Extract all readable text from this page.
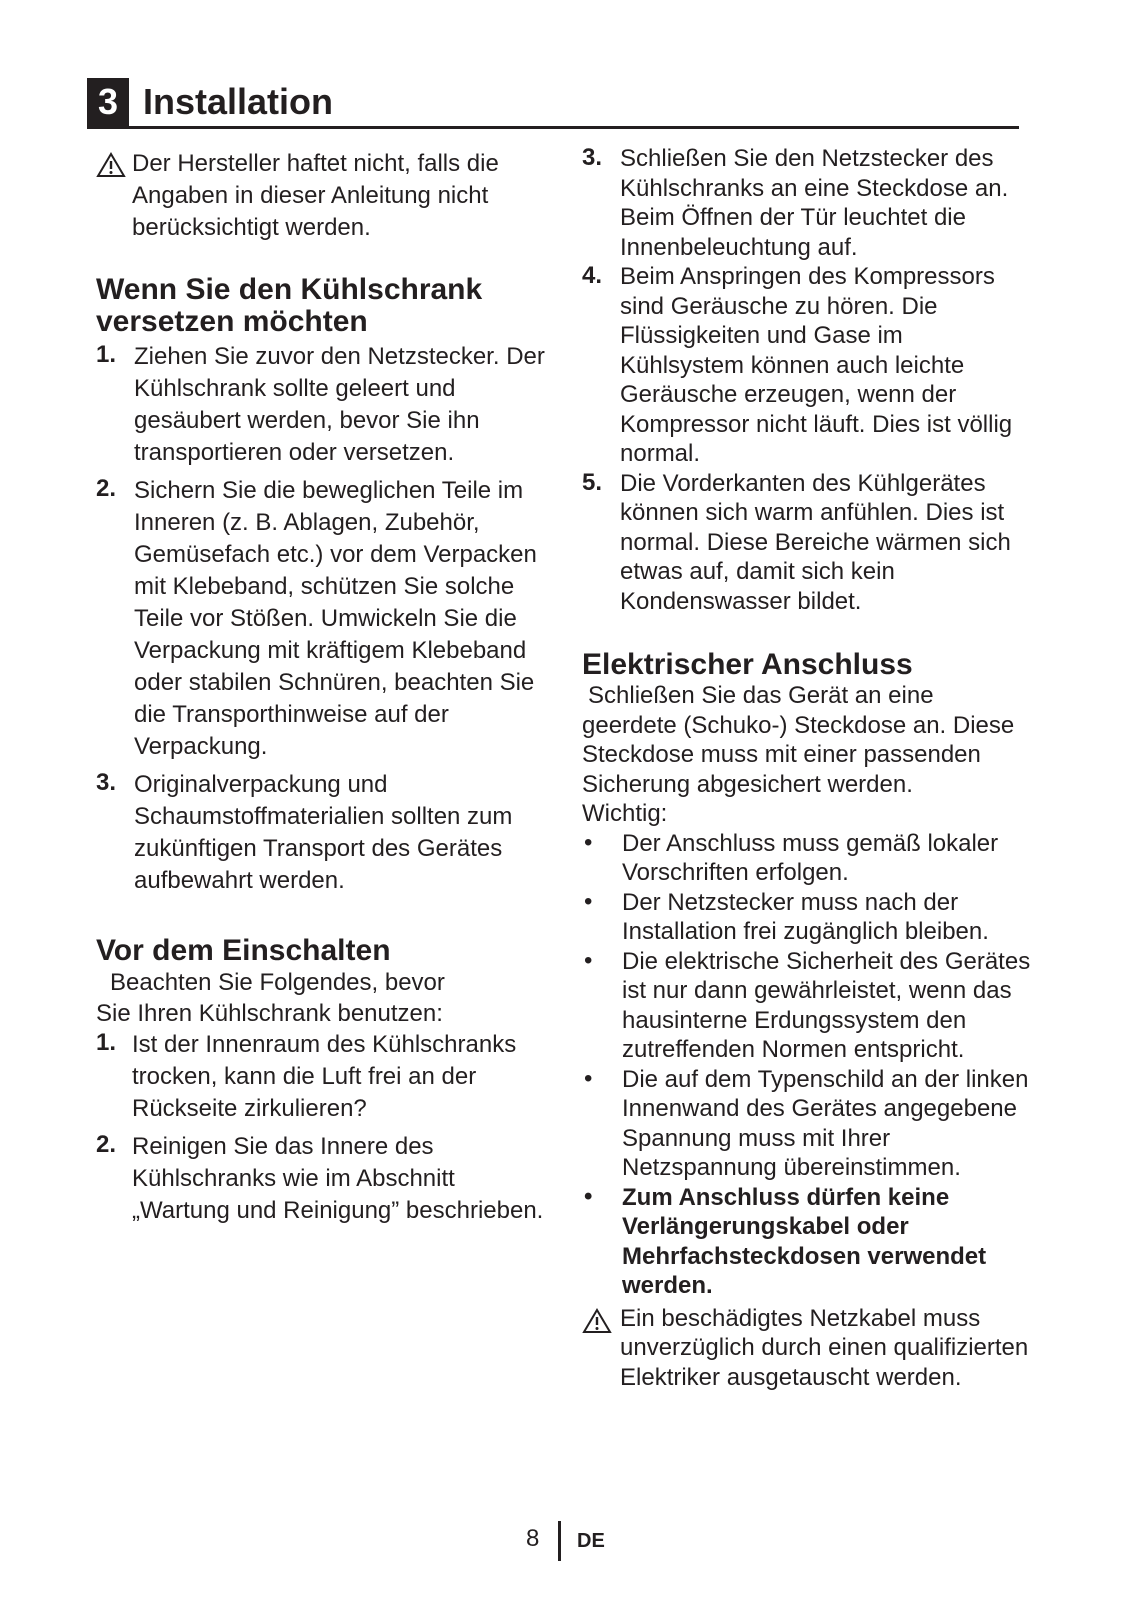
3 Installation

Der Hersteller haftet nicht, falls die Angaben in dieser Anleitung nicht berücksichtigt werden.

Wenn Sie den Kühlschrank
versetzen möchten
1. Ziehen Sie zuvor den Netzstecker. Der Kühlschrank sollte geleert und gesäubert werden, bevor Sie ihn transportieren oder versetzen.
2. Sichern Sie die beweglichen Teile im Inneren (z. B. Ablagen, Zubehör, Gemüsefach etc.) vor dem Verpacken mit Klebeband, schützen Sie solche Teile vor Stößen. Umwickeln Sie die Verpackung mit kräftigem Klebeband oder stabilen Schnüren, beachten Sie die Transporthinweise auf der Verpackung.
3. Originalverpackung und Schaumstoffmaterialien sollten zum zukünftigen Transport des Gerätes aufbewahrt werden.
Vor dem Einschalten

Beachten Sie Folgendes, bevor
Sie Ihren Kühlschrank benutzen:

1. Ist der Innenraum des Kühlschranks trocken, kann die Luft frei an der Rückseite zirkulieren?
2. Reinigen Sie das Innere des Kühlschranks wie im Abschnitt „Wartung und Reinigung” beschrieben.
3. Schließen Sie den Netzstecker des Kühlschranks an eine Steckdose an. Beim Öffnen der Tür leuchtet die Innenbeleuchtung auf.
4. Beim Anspringen des Kompressors sind Geräusche zu hören. Die Flüssigkeiten und Gase im Kühlsystem können auch leichte Geräusche erzeugen, wenn der Kompressor nicht läuft. Dies ist völlig normal.
5. Die Vorderkanten des Kühlgerätes können sich warm anfühlen. Dies ist normal. Diese Bereiche wärmen sich etwas auf, damit sich kein Kondenswasser bildet.
Elektrischer Anschluss

Schließen Sie das Gerät an eine geerdete (Schuko-) Steckdose an. Diese Steckdose muss mit einer passenden Sicherung abgesichert werden.

Wichtig:

•	Der Anschluss muss gemäß lokaler Vorschriften erfolgen.
•	Der Netzstecker muss nach der Installation frei zugänglich bleiben.
•	Die elektrische Sicherheit des Gerätes ist nur dann gewährleistet, wenn das hausinterne Erdungssystem den zutreffenden Normen entspricht.
•	Die auf dem Typenschild an der linken Innenwand des Gerätes angegebene Spannung muss mit Ihrer Netzspannung übereinstimmen.
•	Zum Anschluss dürfen keine Verlängerungskabel oder Mehrfachsteckdosen verwendet werden.

Ein beschädigtes Netzkabel muss unverzüglich durch einen qualifizierten Elektriker ausgetauscht werden.

8 DE
